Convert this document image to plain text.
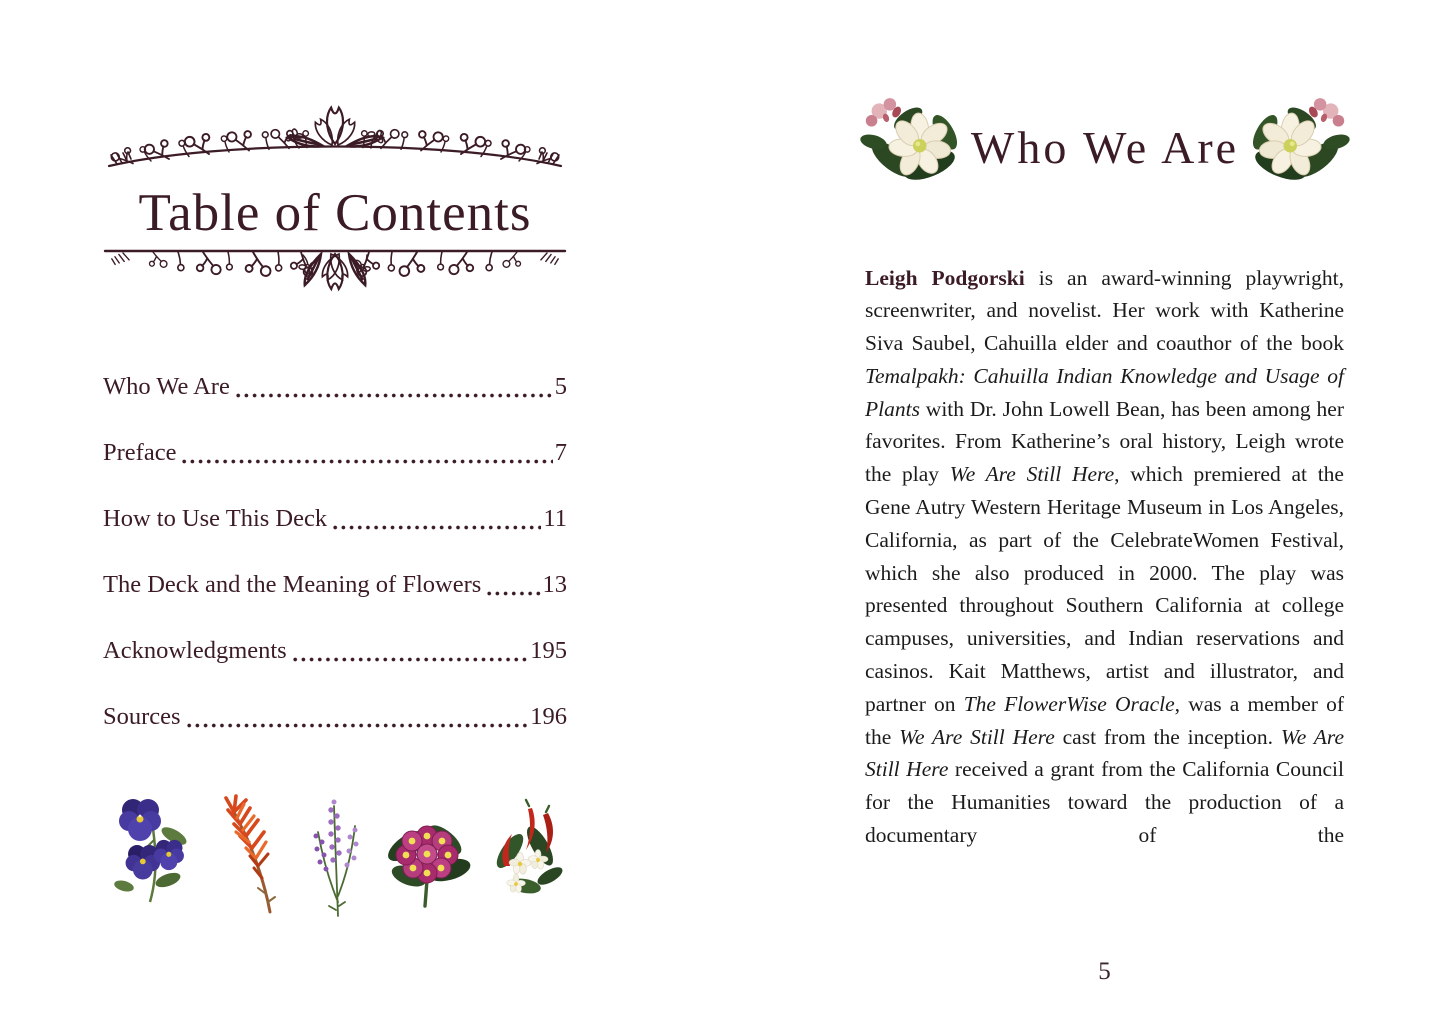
Table of Contents
Who We Are	5
Preface	7
How to Use This Deck	11
The Deck and the Meaning of Flowers 13
Acknowledgments	195
Sources	196
Who We Are

Leigh Podgorski is an award-winning playwright, screenwriter, and novelist. Her work with Katherine Siva Saubel, Cahuilla elder and coauthor of the book Temalpakh: Cahuilla Indian Knowledge and Usage of Plants with Dr. John Lowell Bean, has been among her favorites. From Katherine’s oral history, Leigh wrote the play We Are Still Here, which premiered at the Gene Autry Western Heritage Museum in Los Angeles, California, as part of the CelebrateWomen Festival, which she also produced in 2000. The play was presented throughout Southern California at college campuses, universities, and Indian reservations and casinos. Kait Matthews, artist and illustrator, and partner on The FlowerWise Oracle, was a member of the We Are Still Here cast from the inception. We Are Still Here received a grant from the California Council for the Humanities toward the production of a documentary of the

5
